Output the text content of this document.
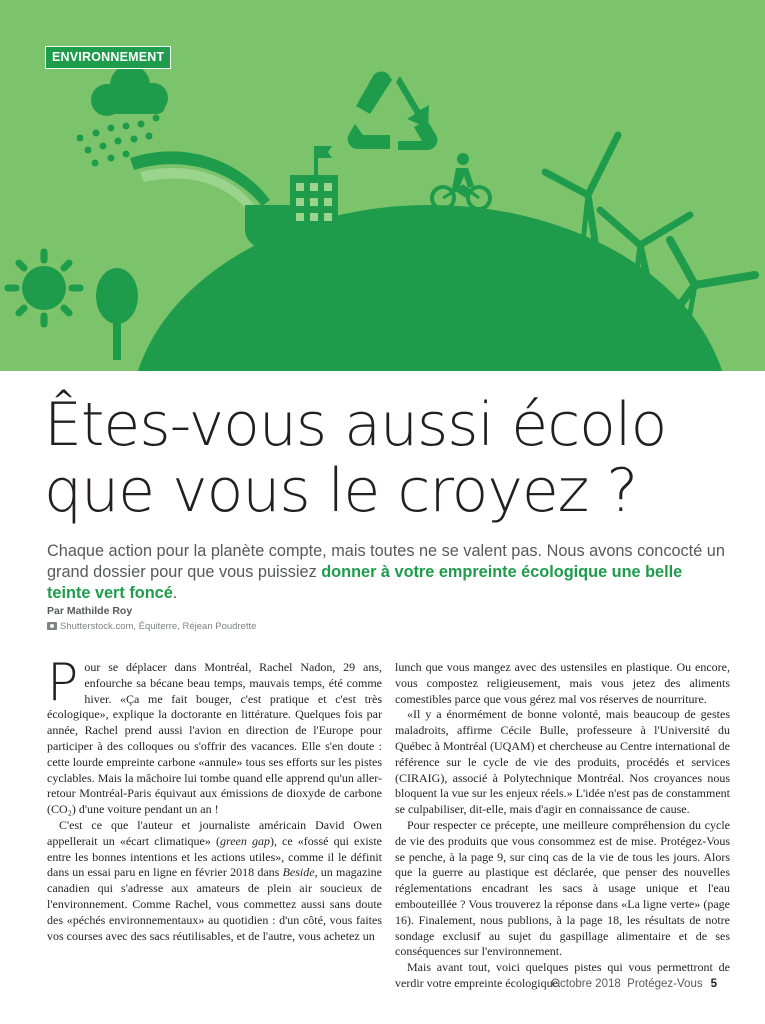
ENVIRONNEMENT
Êtes-vous aussi écolo
que vous le croyez ?
Chaque action pour la planète compte, mais toutes ne se valent pas. Nous avons concocté un grand dossier pour que vous puissiez donner à votre empreinte écologique une belle teinte vert foncé.
Par Mathilde Roy
Shutterstock.com, Équiterre, Réjean Poudrette

Pour se déplacer dans Montréal, Rachel Nadon, 29 ans, enfourche sa bécane beau temps, mauvais temps, été comme hiver. «Ça me fait bouger, c'est pratique et c'est très écologique», explique la doctorante en littérature. Quelques fois par année, Rachel prend aussi l'avion en direction de l'Europe pour participer à des colloques ou s'offrir des vacances. Elle s'en doute : cette lourde empreinte carbone «annule» tous ses efforts sur les pistes cyclables. Mais la mâchoire lui tombe quand elle apprend qu'un aller-retour Montréal-Paris équivaut aux émissions de dioxyde de carbone (CO₂) d'une voiture pendant un an !

C'est ce que l'auteur et journaliste américain David Owen appellerait un «écart climatique» (green gap), ce «fossé qui existe entre les bonnes intentions et les actions utiles», comme il le définit dans un essai paru en ligne en février 2018 dans Beside, un magazine canadien qui s'adresse aux amateurs de plein air soucieux de l'environnement. Comme Rachel, vous commettez aussi sans doute des «péchés environnementaux» au quotidien : d'un côté, vous faites vos courses avec des sacs réutilisables, et de l'autre, vous achetez un

lunch que vous mangez avec des ustensiles en plastique. Ou encore, vous compostez religieusement, mais vous jetez des aliments comestibles parce que vous gérez mal vos réserves de nourriture.

«Il y a énormément de bonne volonté, mais beaucoup de gestes maladroits, affirme Cécile Bulle, professeure à l'Université du Québec à Montréal (UQAM) et chercheuse au Centre international de référence sur le cycle de vie des produits, procédés et services (CIRAIG), associé à Polytechnique Montréal. Nos croyances nous bloquent la vue sur les enjeux réels.» L'idée n'est pas de constamment se culpabiliser, dit-elle, mais d'agir en connaissance de cause.

Pour respecter ce précepte, une meilleure compréhension du cycle de vie des produits que vous consommez est de mise. Protégez-Vous se penche, à la page 9, sur cinq cas de la vie de tous les jours. Alors que la guerre au plastique est déclarée, que penser des nouvelles réglementations encadrant les sacs à usage unique et l'eau embouteillée ? Vous trouverez la réponse dans «La ligne verte» (page 16). Finalement, nous publions, à la page 18, les résultats de notre sondage exclusif au sujet du gaspillage alimentaire et de ses conséquences sur l'environnement.

Mais avant tout, voici quelques pistes qui vous permettront de verdir votre empreinte écologique.

Octobre 2018 Protégez-Vous 5
